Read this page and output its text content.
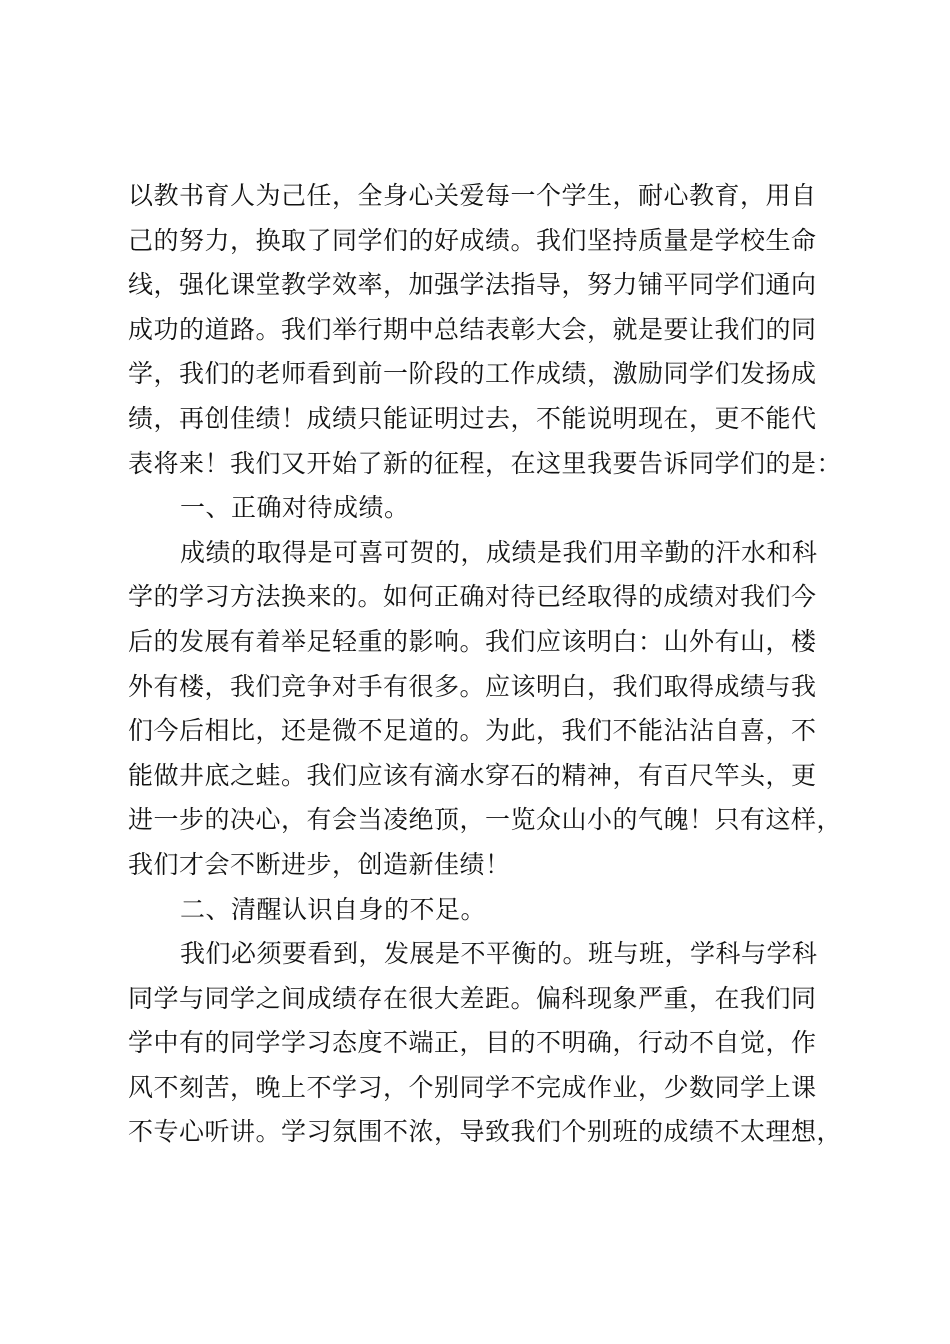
以教书育人为己任，全身心关爱每一个学生，耐心教育，用自
己的努力，换取了同学们的好成绩。我们坚持质量是学校生命
线，强化课堂教学效率，加强学法指导，努力铺平同学们通向
成功的道路。我们举行期中总结表彰大会，就是要让我们的同
学，我们的老师看到前一阶段的工作成绩，激励同学们发扬成
绩，再创佳绩！成绩只能证明过去，不能说明现在，更不能代
表将来！我们又开始了新的征程，在这里我要告诉同学们的是：
一、正确对待成绩。
成绩的取得是可喜可贺的，成绩是我们用辛勤的汗水和科
学的学习方法换来的。如何正确对待已经取得的成绩对我们今
后的发展有着举足轻重的影响。我们应该明白：山外有山，楼
外有楼，我们竞争对手有很多。应该明白，我们取得成绩与我
们今后相比，还是微不足道的。为此，我们不能沾沾自喜，不
能做井底之蛙。我们应该有滴水穿石的精神，有百尺竿头，更
进一步的决心，有会当凌绝顶，一览众山小的气魄！只有这样，
我们才会不断进步，创造新佳绩！
二、清醒认识自身的不足。
我们必须要看到，发展是不平衡的。班与班，学科与学科
同学与同学之间成绩存在很大差距。偏科现象严重，在我们同
学中有的同学学习态度不端正，目的不明确，行动不自觉，作
风不刻苦，晚上不学习，个别同学不完成作业，少数同学上课
不专心听讲。学习氛围不浓，导致我们个别班的成绩不太理想，
